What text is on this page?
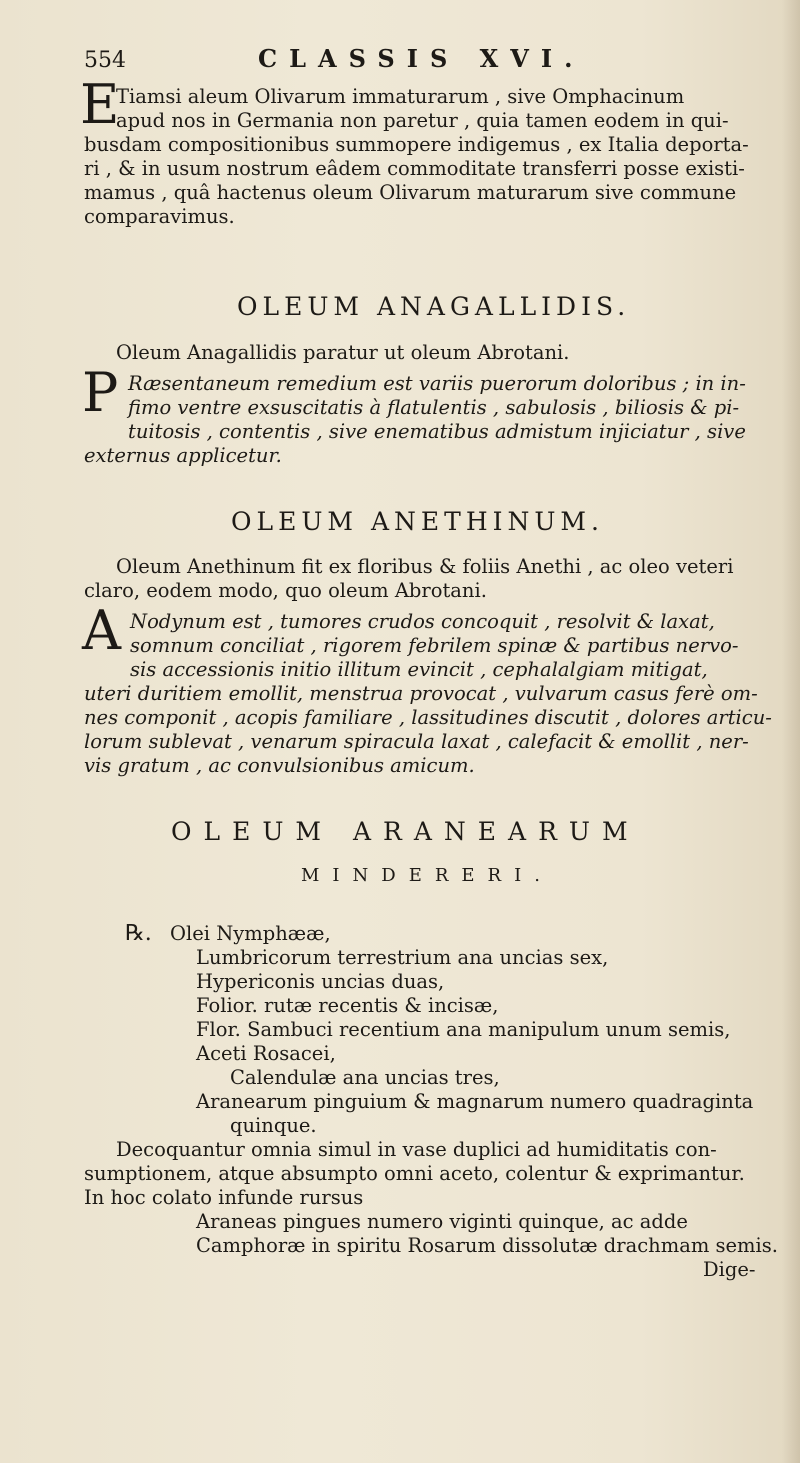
554	CLASSIS XVI.
E
Tiamsi aleum Olivarum immaturarum , sive Omphacinum
apud nos in Germania non paretur , quia tamen eodem in qui-
busdam compositionibus summopere indigemus , ex Italia deporta-
ri , & in usum nostrum eâdem commoditate transferri posse existi-
mamus , quâ hactenus oleum Olivarum maturarum sive commune
comparavimus.
OLEUM ANAGALLIDIS.
Oleum Anagallidis paratur ut oleum Abrotani.
P Ræsentaneum remedium est variis puerorum doloribus ; in in-
fimo ventre exsuscitatis à flatulentis , sabulosis , biliosis & pi-
tuitosis , contentis , sive enematibus admistum injiciatur , sive
externus applicetur.
OLEUM ANETHINUM.
Oleum Anethinum fit ex floribus & foliis Anethi , ac oleo veteri
claro, eodem modo, quo oleum Abrotani.
A Nodynum est , tumores crudos concoquit , resolvit & laxat,
somnum conciliat , rigorem febrilem spinæ & partibus nervo-
sis accessionis initio illitum evincit , cephalalgiam mitigat,
uteri duritiem emollit, menstrua provocat , vulvarum casus ferè om-
nes componit , acopis familiare , lassitudines discutit , dolores articu-
lorum sublevat , venarum spiracula laxat , calefacit & emollit , ner-
vis gratum , ac convulsionibus amicum.
OLEUM ARANEARUM
MINDERERI.
℞. Olei Nymphææ,
Lumbricorum terrestrium ana uncias sex,
Hypericonis uncias duas,
Folior. rutæ recentis & incisæ,
Flor. Sambuci recentium ana manipulum unum semis,
Aceti Rosacei,
Calendulæ ana uncias tres,
Aranearum pinguium & magnarum numero quadraginta
quinque.
Decoquantur omnia simul in vase duplici ad humiditatis con-
sumptionem, atque absumpto omni aceto, colentur & exprimantur.
In hoc colato infunde rursus
Araneas pingues numero viginti quinque, ac adde
Camphoræ in spiritu Rosarum dissolutæ drachmam semis.
Dige-
